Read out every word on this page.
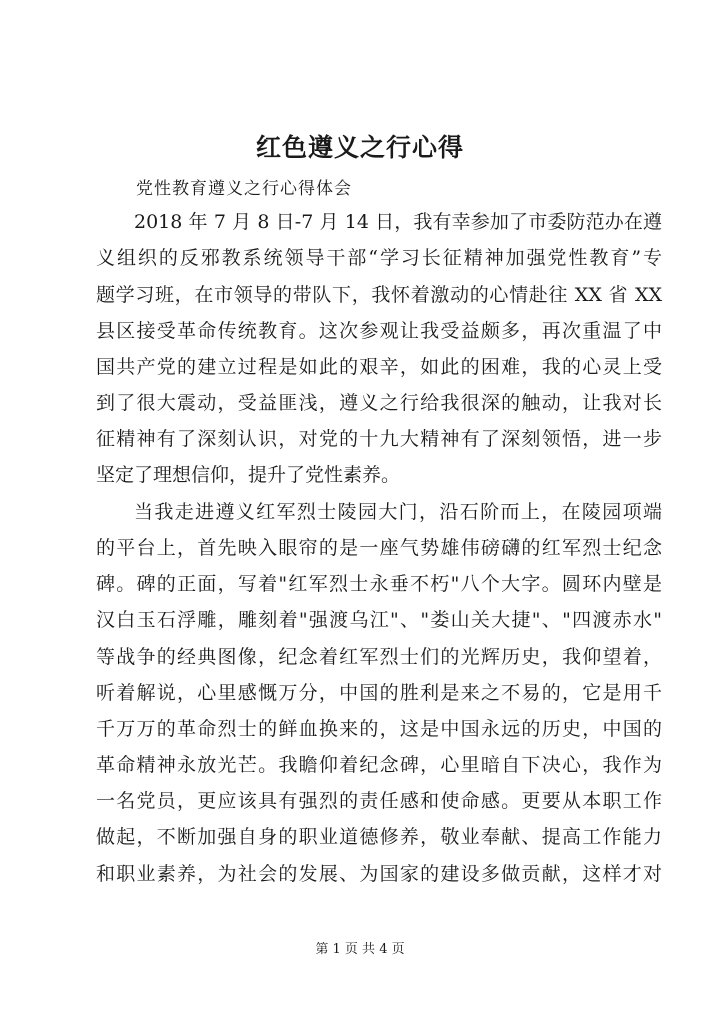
红色遵义之行心得

党性教育遵义之行心得体会

2018 年 7 月 8 日-7 月 14 日，我有幸参加了市委防范办在遵

义组织的反邪教系统领导干部“学习长征精神加强党性教育”专

题学习班，在市领导的带队下，我怀着激动的心情赴往 XX 省 XX

县区接受革命传统教育。这次参观让我受益颇多，再次重温了中

国共产党的建立过程是如此的艰辛，如此的困难，我的心灵上受

到了很大震动，受益匪浅，遵义之行给我很深的触动，让我对长

征精神有了深刻认识，对党的十九大精神有了深刻领悟，进一步

坚定了理想信仰，提升了党性素养。

当我走进遵义红军烈士陵园大门，沿石阶而上，在陵园项端

的平台上，首先映入眼帘的是一座气势雄伟磅礴的红军烈士纪念

碑。碑的正面，写着"红军烈士永垂不朽"八个大字。圆环内壁是

汉白玉石浮雕，雕刻着"强渡乌江"、"娄山关大捷"、"四渡赤水"

等战争的经典图像，纪念着红军烈士们的光辉历史，我仰望着，

听着解说，心里感慨万分，中国的胜利是来之不易的，它是用千

千万万的革命烈士的鲜血换来的，这是中国永远的历史，中国的

革命精神永放光芒。我瞻仰着纪念碑，心里暗自下决心，我作为

一名党员，更应该具有强烈的责任感和使命感。更要从本职工作

做起，不断加强自身的职业道德修养，敬业奉献、提高工作能力

和职业素养，为社会的发展、为国家的建设多做贡献，这样才对

第 1 页 共 4 页
